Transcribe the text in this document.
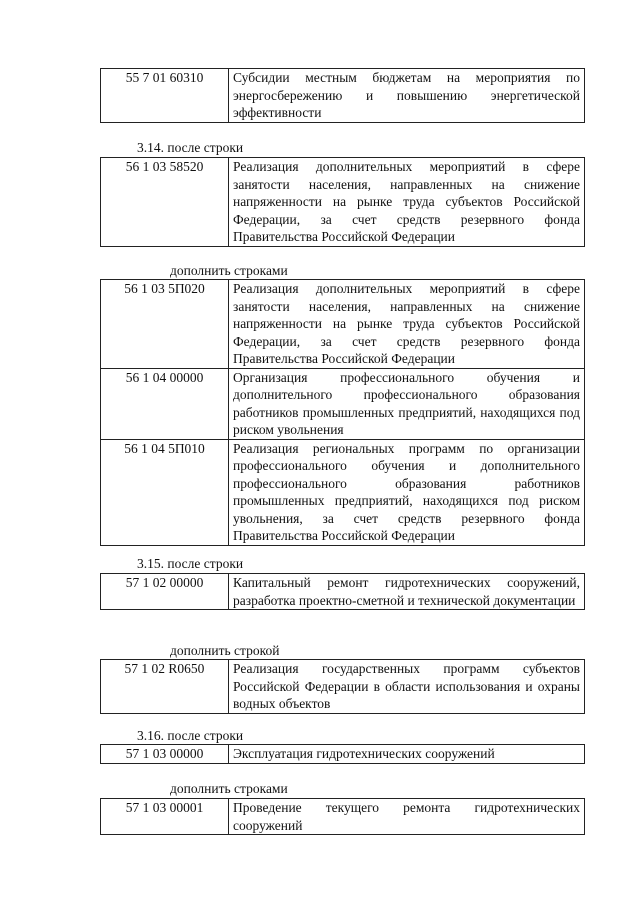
55 7 01 60310	Субсидии местным бюджетам на мероприятия по энергосбережению и повышению энергетической эффективности
3.14. после строки
56 1 03 58520	Реализация дополнительных мероприятий в сфере занятости населения, направленных на снижение напряженности на рынке труда субъектов Российской Федерации, за счет средств резервного фонда Правительства Российской Федерации
дополнить строками
56 1 03 5П020	Реализация дополнительных мероприятий в сфере занятости населения, направленных на снижение напряженности на рынке труда субъектов Российской Федерации, за счет средств резервного фонда Правительства Российской Федерации
56 1 04 00000	Организация профессионального обучения и дополнительного профессионального образования работников промышленных предприятий, находящихся под риском увольнения
56 1 04 5П010	Реализация региональных программ по организации профессионального обучения и дополнительного профессионального образования работников промышленных предприятий, находящихся под риском увольнения, за счет средств резервного фонда Правительства Российской Федерации
3.15. после строки
57 1 02 00000	Капитальный ремонт гидротехнических сооружений, разработка проектно-сметной и технической документации
дополнить строкой
57 1 02 R0650	Реализация государственных программ субъектов Российской Федерации в области использования и охраны водных объектов
3.16. после строки
57 1 03 00000	Эксплуатация гидротехнических сооружений
дополнить строками
57 1 03 00001	Проведение текущего ремонта гидротехнических сооружений
